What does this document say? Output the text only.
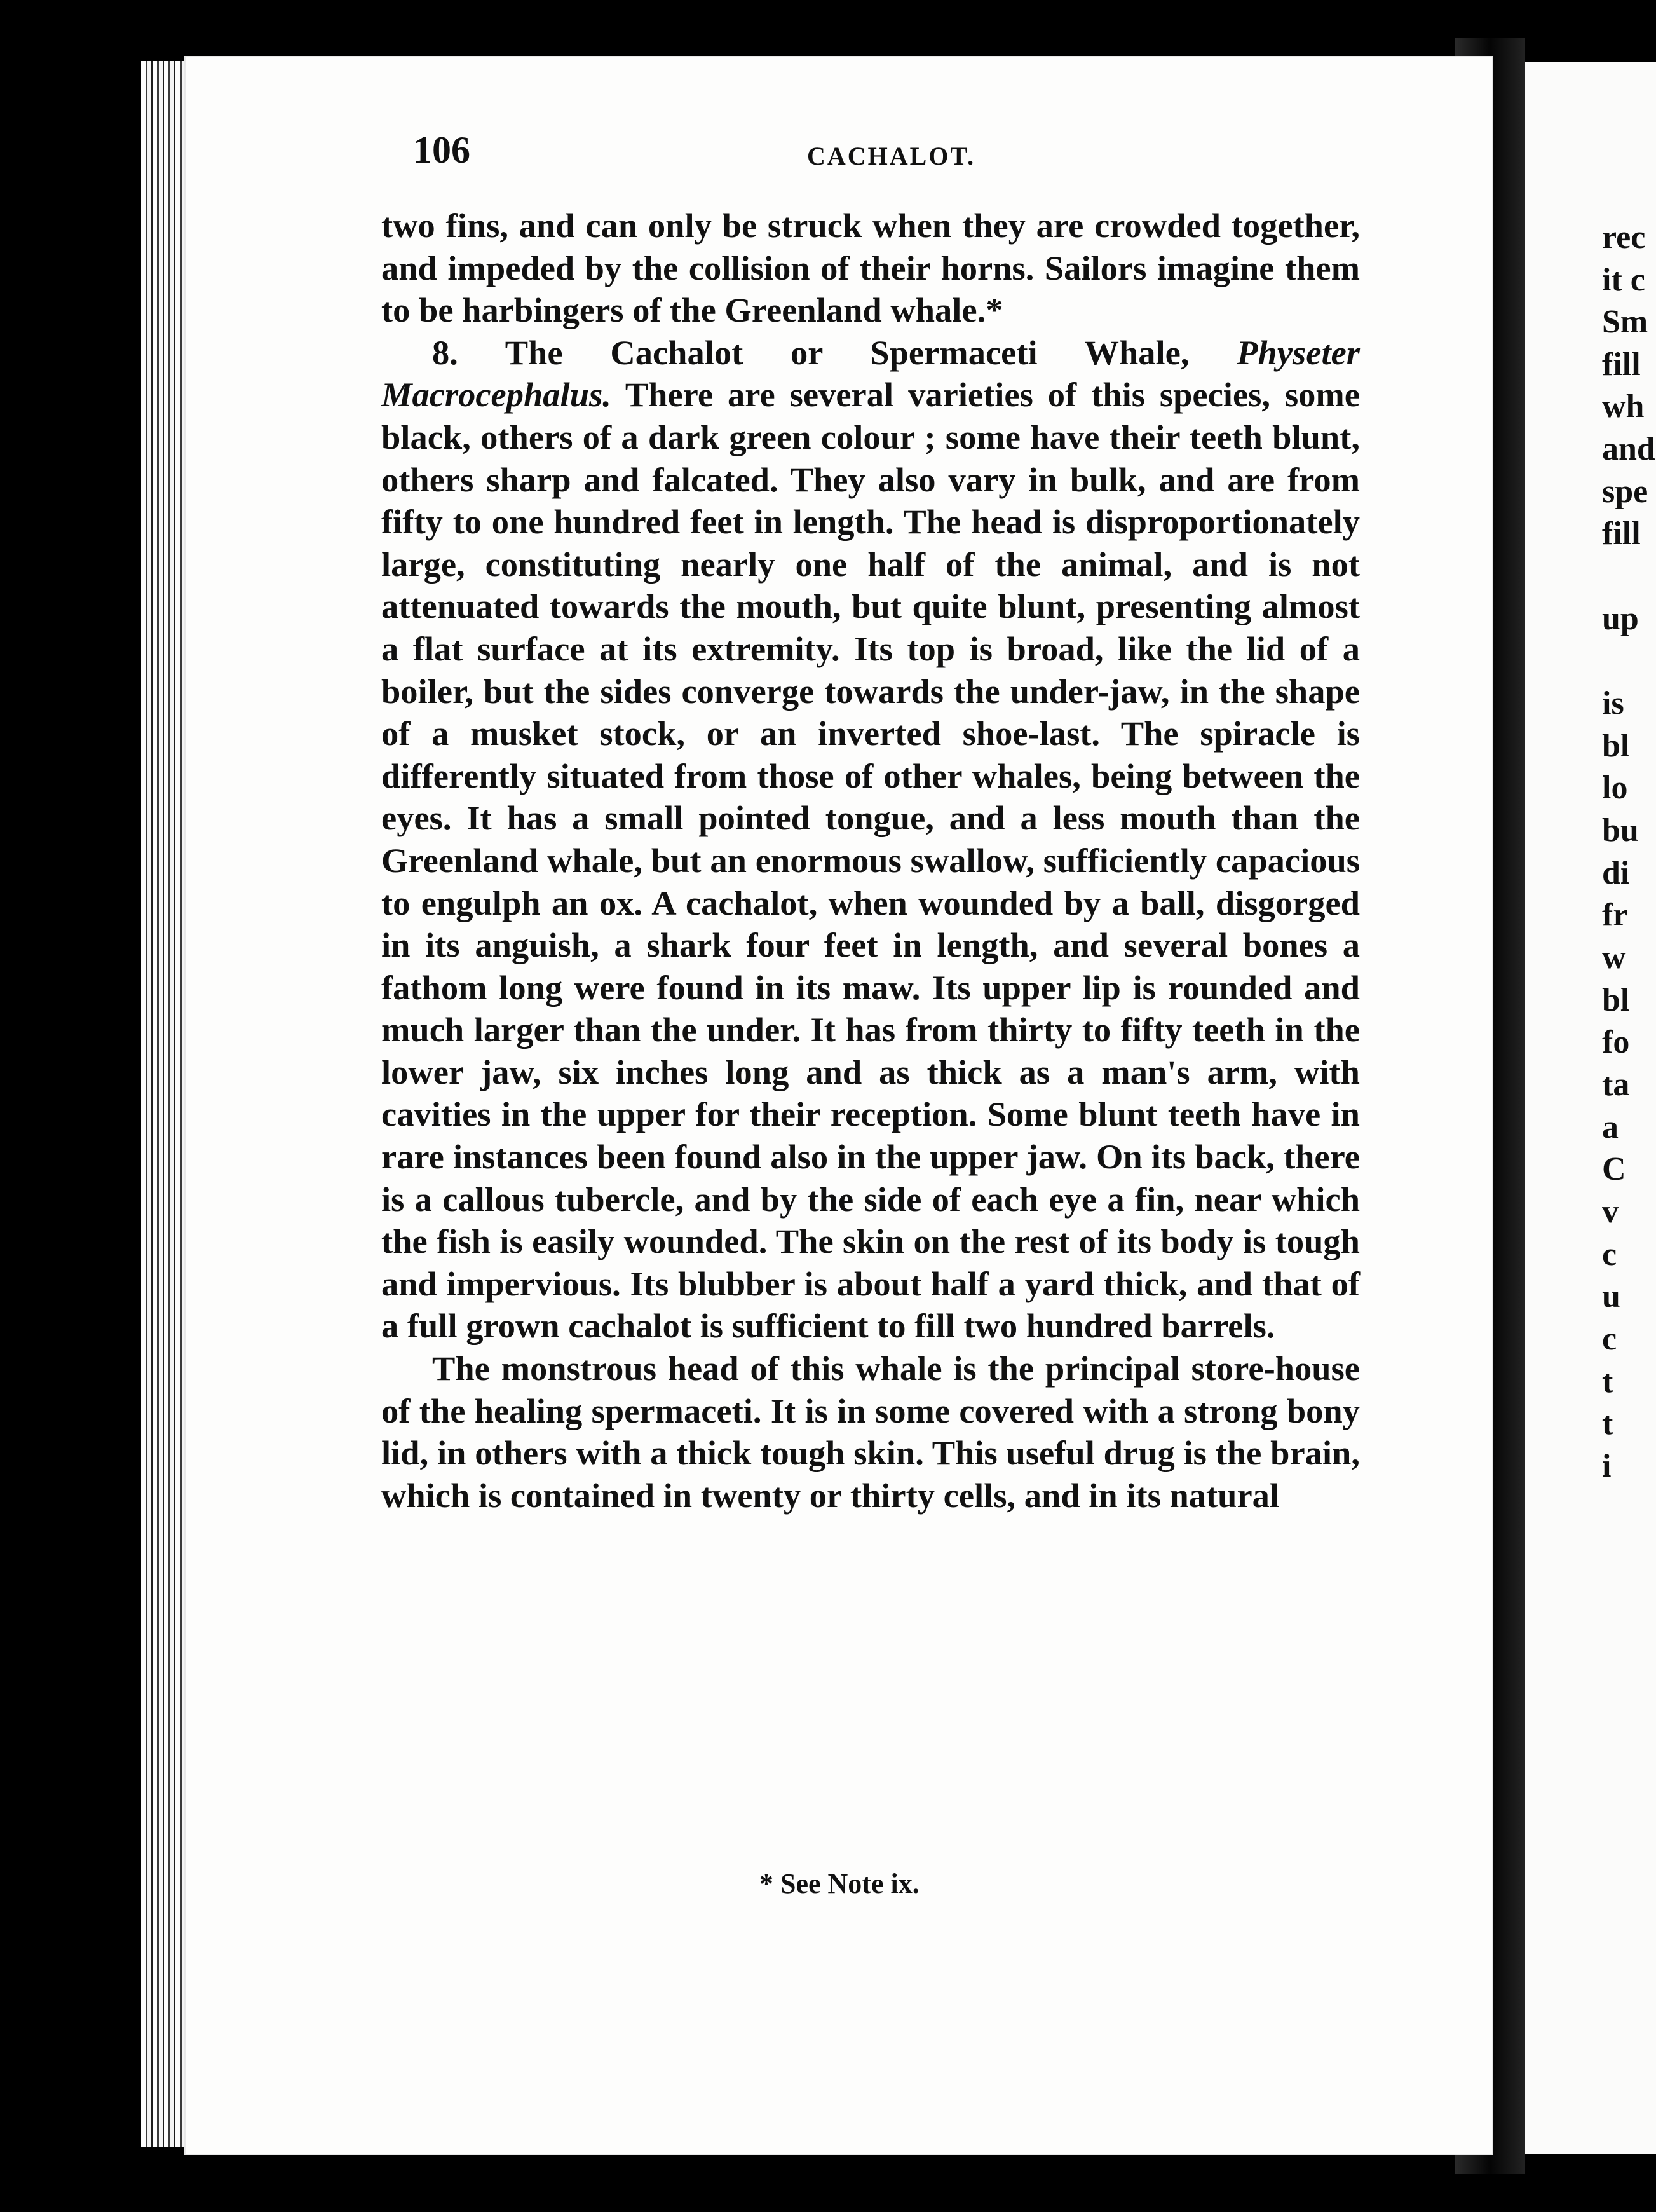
rec

it c

Sm

fill

wh

and

spe

fill

up

is

bl

lo

bu

di

fr

w

bl

fo

ta

a

C

v

c

u

c

t

t

i

106	CACHALOT.

two fins, and can only be struck when they are crowded together, and impeded by the collision of their horns. Sailors imagine them to be harbingers of the Greenland whale.*

8. The Cachalot or Spermaceti Whale, Physeter Macrocephalus. There are several varieties of this species, some black, others of a dark green colour ; some have their teeth blunt, others sharp and falcated. They also vary in bulk, and are from fifty to one hundred feet in length. The head is disproportionately large, constituting nearly one half of the animal, and is not attenuated towards the mouth, but quite blunt, presenting almost a flat surface at its extremity. Its top is broad, like the lid of a boiler, but the sides converge towards the under-jaw, in the shape of a musket stock, or an inverted shoe-last. The spiracle is differently situated from those of other whales, being between the eyes. It has a small pointed tongue, and a less mouth than the Greenland whale, but an enormous swallow, sufficiently capacious to engulph an ox. A cachalot, when wounded by a ball, disgorged in its anguish, a shark four feet in length, and several bones a fathom long were found in its maw. Its upper lip is rounded and much larger than the under. It has from thirty to fifty teeth in the lower jaw, six inches long and as thick as a man's arm, with cavities in the upper for their reception. Some blunt teeth have in rare instances been found also in the upper jaw. On its back, there is a callous tubercle, and by the side of each eye a fin, near which the fish is easily wounded. The skin on the rest of its body is tough and impervious. Its blubber is about half a yard thick, and that of a full grown cachalot is sufficient to fill two hundred barrels.

The monstrous head of this whale is the principal store-house of the healing spermaceti. It is in some covered with a strong bony lid, in others with a thick tough skin. This useful drug is the brain, which is contained in twenty or thirty cells, and in its natural

* See Note ix.
